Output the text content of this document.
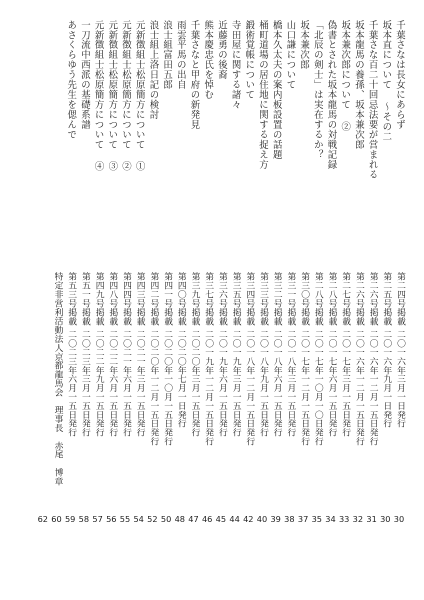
千葉さなは長女にあらず
第二四号掲載
二〇一六年三月一日発行
30
坂本直について ～その二
第二五号掲載
二〇一六年九月一日発行
30
千葉さな百二十回忌法要が営まれる
第二六号掲載
二〇一六年一二月一五日発行
31
坂本龍馬の養孫、坂本兼次郎
第二六号掲載
二〇一六年一二月一五日発行
32
坂本兼次郎について ②
第二七号掲載
二〇一七年三月一五日発行
33
偽書とされた坂本龍馬の対戦記録
第二八号掲載
二〇一七年六月一五日発行
34
「北辰の剣士」は実在するか？
第二八号掲載
二〇一七年一〇月一〇日発行
35
坂本兼次郎
第三〇号掲載
二〇一七年一二月一五日発行
37
山口謙について
第三一号掲載
二〇一八年三月一五日発行
38
橋本久太夫の案内板設置の話題
第三二号掲載
二〇一八年六月一五日発行
39
桶町道場の居住地に関する捉え方
第三三号掲載
二〇一八年九月一五日発行
40
鍛術覚帳について
第三四号掲載
二〇一八年一二月一五日発行
42
寺田屋に関する諸々
第三五号掲載
二〇一九年三月一五日発行
44
近藤勇の後裔
第三六号掲載
二〇一九年六月一五日発行
45
熊本慶忠氏を悼む
第三七号掲載
二〇一九年一二月一五日発行
46
千葉さなと甲府の新発見
第三九号掲載
二〇二〇年三月一五日発行
47
雨雲平馬の出自
第四〇号掲載
二〇二〇年七月一日発行
48
浪士組富田五郎
第四一号掲載
二〇二〇年一〇月一五日発行
50
浪士組上洛日記の検討
第四二号掲載
二〇二〇年一二月一五日発行
52
元新徴組士松原簡方について ①
第四三号掲載
二〇二一年三月一五日発行
54
元新徴組士松原簡方について ②
第四四号掲載
二〇二一年六月一五日発行
55
元新徴組士松原簡方について ③
第四八号掲載
二〇二二年六月一五日発行
56
元新徴組士松原簡方について ④
第四九号掲載
二〇二二年九月一五日発行
57
一刀流中西派の基礎系譜
第五一号掲載
二〇二三年三月一五日発行
58
あさくらゆう先生を偲んで
第五三号掲載
二〇二三年六月一五日発行
59
特定非営利活動法人京都龍馬会　理事長　赤尾　博章
60
62
